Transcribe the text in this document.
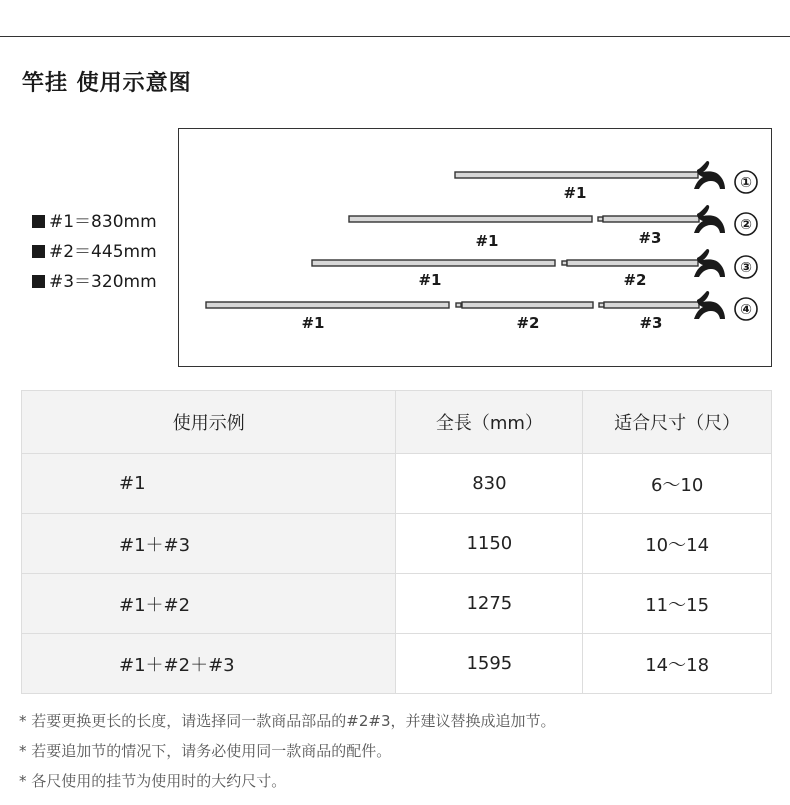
竿挂 使用示意图
#1＝830mm
#2＝445mm
#3＝320mm
#1
①
#1	#3
②
#1	#2
③
#1	#2	#3
④
使用示例	全長（mm）	适合尺寸（尺）
#1	830	6～10
#1＋#3	1150	10～14
#1＋#2	1275	11～15
#1＋#2＋#3	1595	14～18
* 若要更换更长的长度，请选择同一款商品部品的#2#3，并建议替换成追加节。
* 若要追加节的情况下，请务必使用同一款商品的配件。
* 各尺使用的挂节为使用时的大约尺寸。
